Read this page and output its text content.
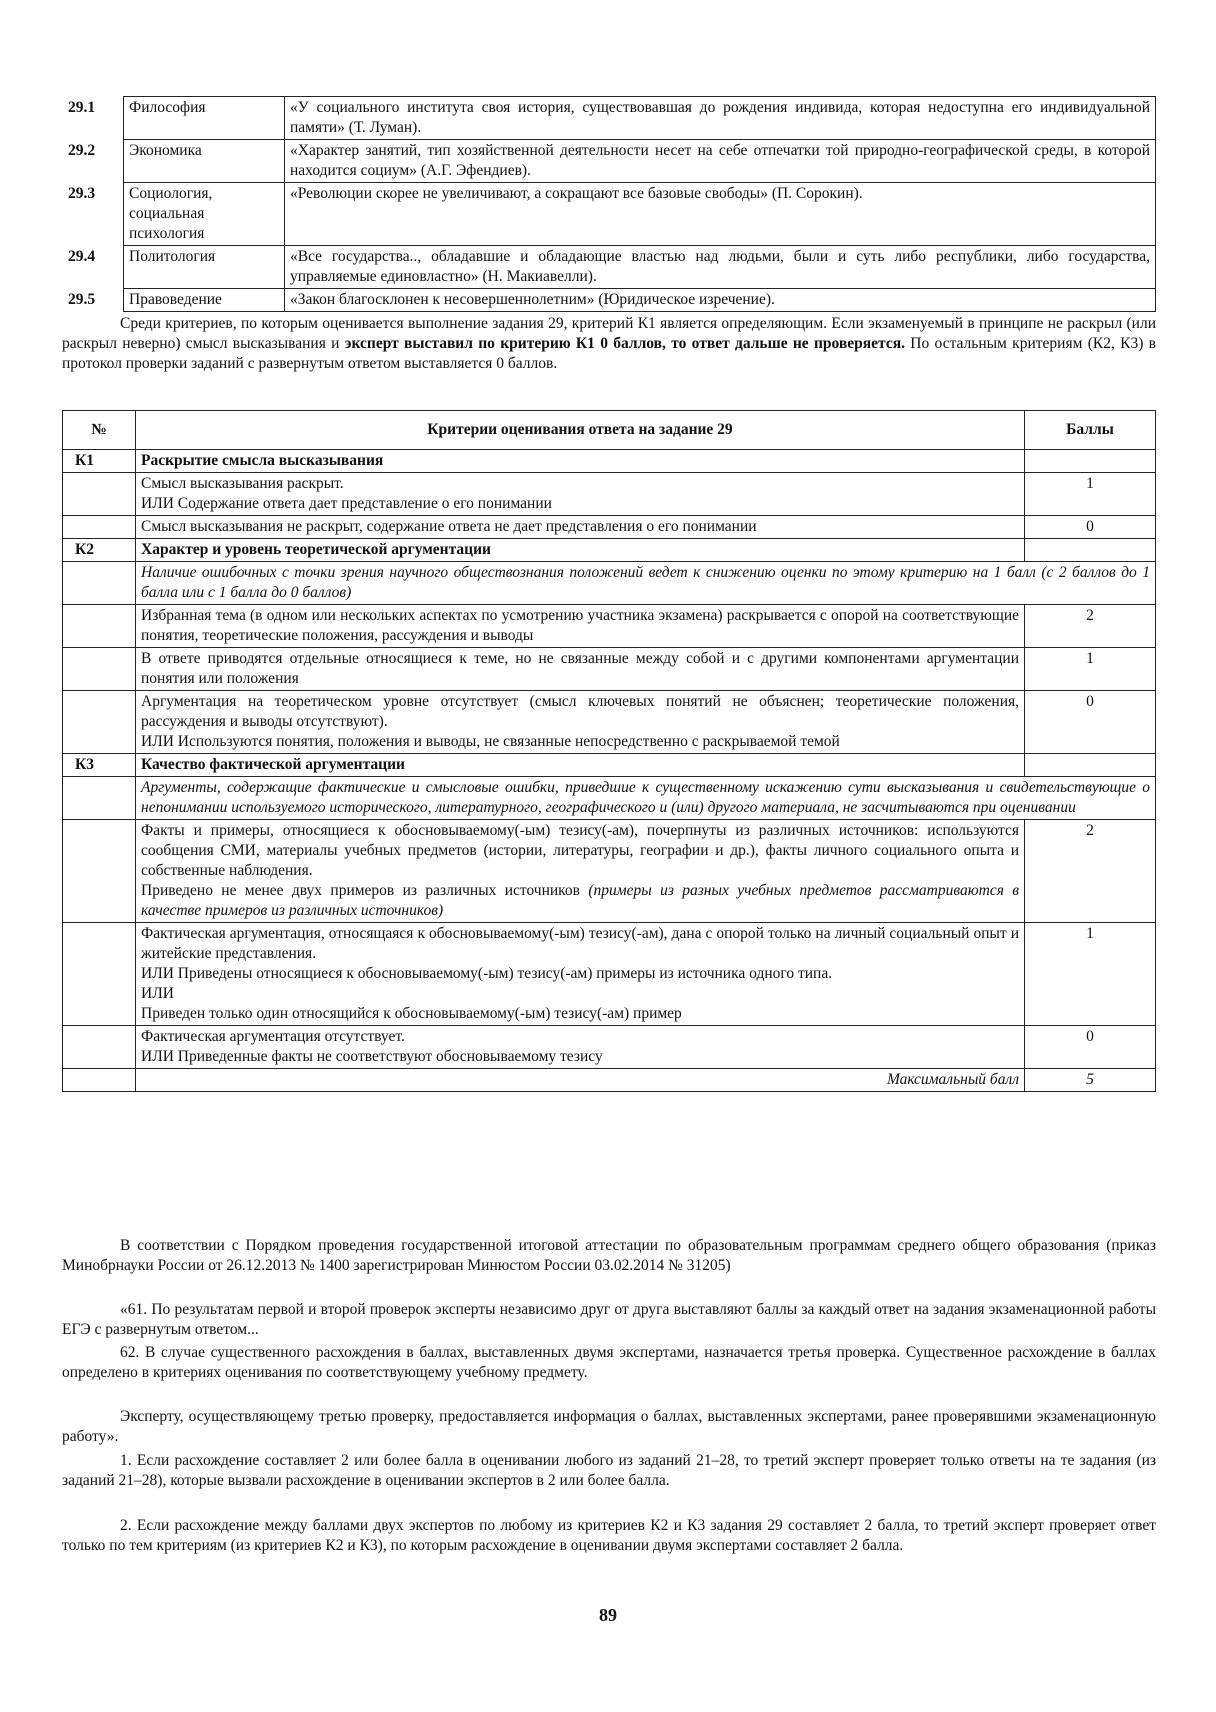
29.1	Философия	«У социального института своя история, существовавшая до рождения индивида, которая недоступна его индивидуальной памяти» (Т. Луман).
29.2	Экономика	«Характер занятий, тип хозяйственной деятельности несет на себе отпечатки той природно-географической среды, в которой находится социум» (А.Г. Эфендиев).
29.3	Социология, социальная психология	«Революции скорее не увеличивают, а сокращают все базовые свободы» (П. Сорокин).
29.4	Политология	«Все государства.., обладавшие и обладающие властью над людьми, были и суть либо республики, либо государства, управляемые единовластно» (Н. Макиавелли).
29.5	Правоведение	«Закон благосклонен к несовершеннолетним» (Юридическое изречение).

Среди критериев, по которым оценивается выполнение задания 29, критерий К1 является определяющим. Если экзаменуемый в принципе не раскрыл (или раскрыл неверно) смысл высказывания и эксперт выставил по критерию К1 0 баллов, то ответ дальше не проверяется. По остальным критериям (К2, К3) в протокол проверки заданий с развернутым ответом выставляется 0 баллов.

№	Критерии оценивания ответа на задание 29	Баллы
К1	Раскрытие смысла высказывания	
	Смысл высказывания раскрыт.
ИЛИ Содержание ответа дает представление о его понимании	1
	Смысл высказывания не раскрыт, содержание ответа не дает представления о его понимании	0
К2	Характер и уровень теоретической аргументации	
	Наличие ошибочных с точки зрения научного обществознания положений ведет к снижению оценки по этому критерию на 1 балл (с 2 баллов до 1 балла или с 1 балла до 0 баллов)	
	Избранная тема (в одном или нескольких аспектах по усмотрению участника экзамена) раскрывается с опорой на соответствующие понятия, теоретические положения, рассуждения и выводы	2
	В ответе приводятся отдельные относящиеся к теме, но не связанные между собой и с другими компонентами аргументации понятия или положения	1
	Аргументация на теоретическом уровне отсутствует (смысл ключевых понятий не объяснен; теоретические положения, рассуждения и выводы отсутствуют).
ИЛИ Используются понятия, положения и выводы, не связанные непосредственно с раскрываемой темой	0
К3	Качество фактической аргументации	
	Аргументы, содержащие фактические и смысловые ошибки, приведшие к существенному искажению сути высказывания и свидетельствующие о непонимании используемого исторического, литературного, географического и (или) другого материала, не засчитываются при оценивании	
	Факты и примеры, относящиеся к обосновываемому(-ым) тезису(-ам), почерпнуты из различных источников: используются сообщения СМИ, материалы учебных предметов (истории, литературы, географии и др.), факты личного социального опыта и собственные наблюдения.
Приведено не менее двух примеров из различных источников (примеры из разных учебных предметов рассматриваются в качестве примеров из различных источников)	2
	Фактическая аргументация, относящаяся к обосновываемому(-ым) тезису(-ам), дана с опорой только на личный социальный опыт и житейские представления.
ИЛИ Приведены относящиеся к обосновываемому(-ым) тезису(-ам) примеры из источника одного типа.
ИЛИ
Приведен только один относящийся к обосновываемому(-ым) тезису(-ам) пример	1
	Фактическая аргументация отсутствует.
ИЛИ Приведенные факты не соответствуют обосновываемому тезису	0
	Максимальный балл	5

В соответствии с Порядком проведения государственной итоговой аттестации по образовательным программам среднего общего образования (приказ Минобрнауки России от 26.12.2013 № 1400 зарегистрирован Минюстом России 03.02.2014 № 31205)

«61. По результатам первой и второй проверок эксперты независимо друг от друга выставляют баллы за каждый ответ на задания экзаменационной работы ЕГЭ с развернутым ответом...

62. В случае существенного расхождения в баллах, выставленных двумя экспертами, назначается третья проверка. Существенное расхождение в баллах определено в критериях оценивания по соответствующему учебному предмету.

Эксперту, осуществляющему третью проверку, предоставляется информация о баллах, выставленных экспертами, ранее проверявшими экзаменационную работу».

1. Если расхождение составляет 2 или более балла в оценивании любого из заданий 21–28, то третий эксперт проверяет только ответы на те задания (из заданий 21–28), которые вызвали расхождение в оценивании экспертов в 2 или более балла.

2. Если расхождение между баллами двух экспертов по любому из критериев К2 и К3 задания 29 составляет 2 балла, то третий эксперт проверяет ответ только по тем критериям (из критериев К2 и К3), по которым расхождение в оценивании двумя экспертами составляет 2 балла.

89
